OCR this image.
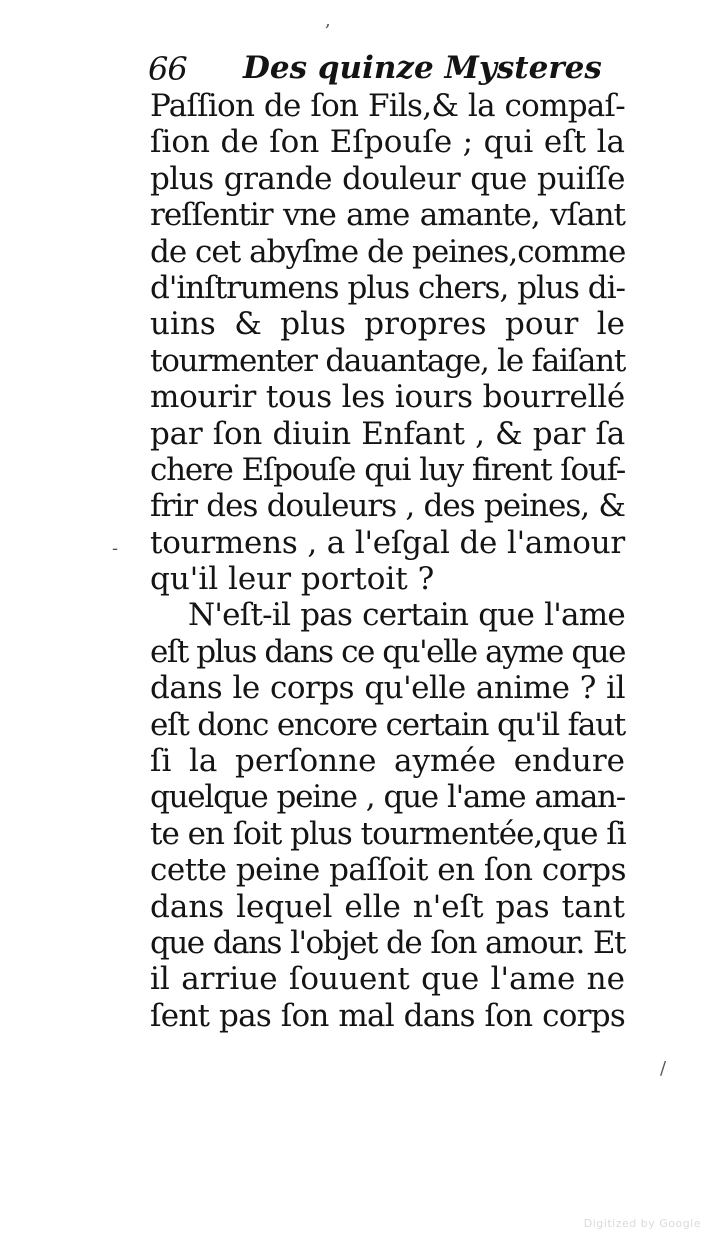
,
-
/
66 Des quinze Mysteres
Paſſion de ſon Fils,& la compaſ-
ſion de ſon Eſpouſe ; qui eſt la
plus grande douleur que puiſſe
reſſentir vne ame amante, vſant
de cet abyſme de peines,comme
d'inſtrumens plus chers, plus di-
uins & plus propres pour le
tourmenter dauantage, le faiſant
mourir tous les iours bourrellé
par ſon diuin Enfant , & par ſa
chere Eſpouſe qui luy firent ſouf-
frir des douleurs , des peines, &
tourmens , a l'eſgal de l'amour
qu'il leur portoit ?
N'eſt-il pas certain que l'ame
eſt plus dans ce qu'elle ayme que
dans le corps qu'elle anime ? il
eſt donc encore certain qu'il faut
ſi la perſonne aymée endure
quelque peine , que l'ame aman-
te en ſoit plus tourmentée,que ſi
cette peine paſſoit en ſon corps
dans lequel elle n'eſt pas tant
que dans l'objet de ſon amour. Et
il arriue ſouuent que l'ame ne
ſent pas ſon mal dans ſon corps
Digitized by Google
